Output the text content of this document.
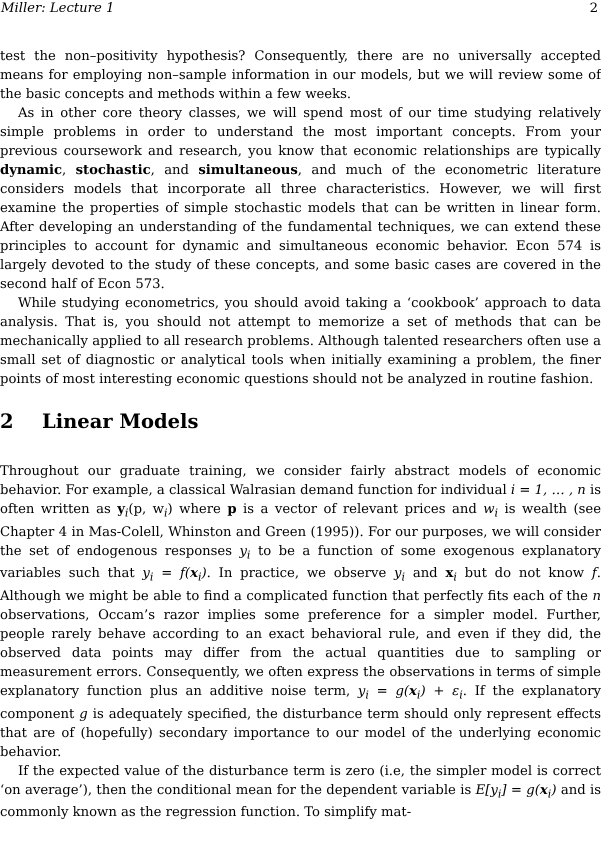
Miller: Lecture 1	2

test the non–positivity hypothesis? Consequently, there are no universally accepted means for employing non–sample information in our models, but we will review some of the basic concepts and methods within a few weeks.

As in other core theory classes, we will spend most of our time studying relatively simple problems in order to understand the most important concepts. From your previous coursework and research, you know that economic relationships are typically dynamic, stochastic, and simultaneous, and much of the econometric literature considers models that incorporate all three characteristics. However, we will first examine the properties of simple stochastic models that can be written in linear form. After developing an understanding of the fundamental techniques, we can extend these principles to account for dynamic and simultaneous economic behavior. Econ 574 is largely devoted to the study of these concepts, and some basic cases are covered in the second half of Econ 573.

While studying econometrics, you should avoid taking a ‘cookbook’ approach to data analysis. That is, you should not attempt to memorize a set of methods that can be mechanically applied to all research problems. Although talented researchers often use a small set of diagnostic or analytical tools when initially examining a problem, the finer points of most interesting economic questions should not be analyzed in routine fashion.

2 Linear Models

Throughout our graduate training, we consider fairly abstract models of economic behavior. For example, a classical Walrasian demand function for individual i = 1, … , n is often written as $y_i(p$, $w_i$) where p is a vector of relevant prices and $w_i$ is wealth (see Chapter 4 in Mas-Colell, Whinston and Green (1995)). For our purposes, we will consider the set of endogenous responses $y_i$ to be a function of some exogenous explanatory variables such that $y_i = f(x_i)$. In practice, we observe $y_i$ and $x_i$ but do not know f. Although we might be able to find a complicated function that perfectly fits each of the n observations, Occam’s razor implies some preference for a simpler model. Further, people rarely behave according to an exact behavioral rule, and even if they did, the observed data points may differ from the actual quantities due to sampling or measurement errors. Consequently, we often express the observations in terms of simple explanatory function plus an additive noise term, $y_i = g(x_i) + \varepsilon_i$. If the explanatory component g is adequately specified, the disturbance term should only represent effects that are of (hopefully) secondary importance to our model of the underlying economic behavior.

If the expected value of the disturbance term is zero (i.e, the simpler model is correct ‘on average’), then the conditional mean for the dependent variable is $E[y_i] = g(x_i)$ and is commonly known as the regression function. To simplify mat-
